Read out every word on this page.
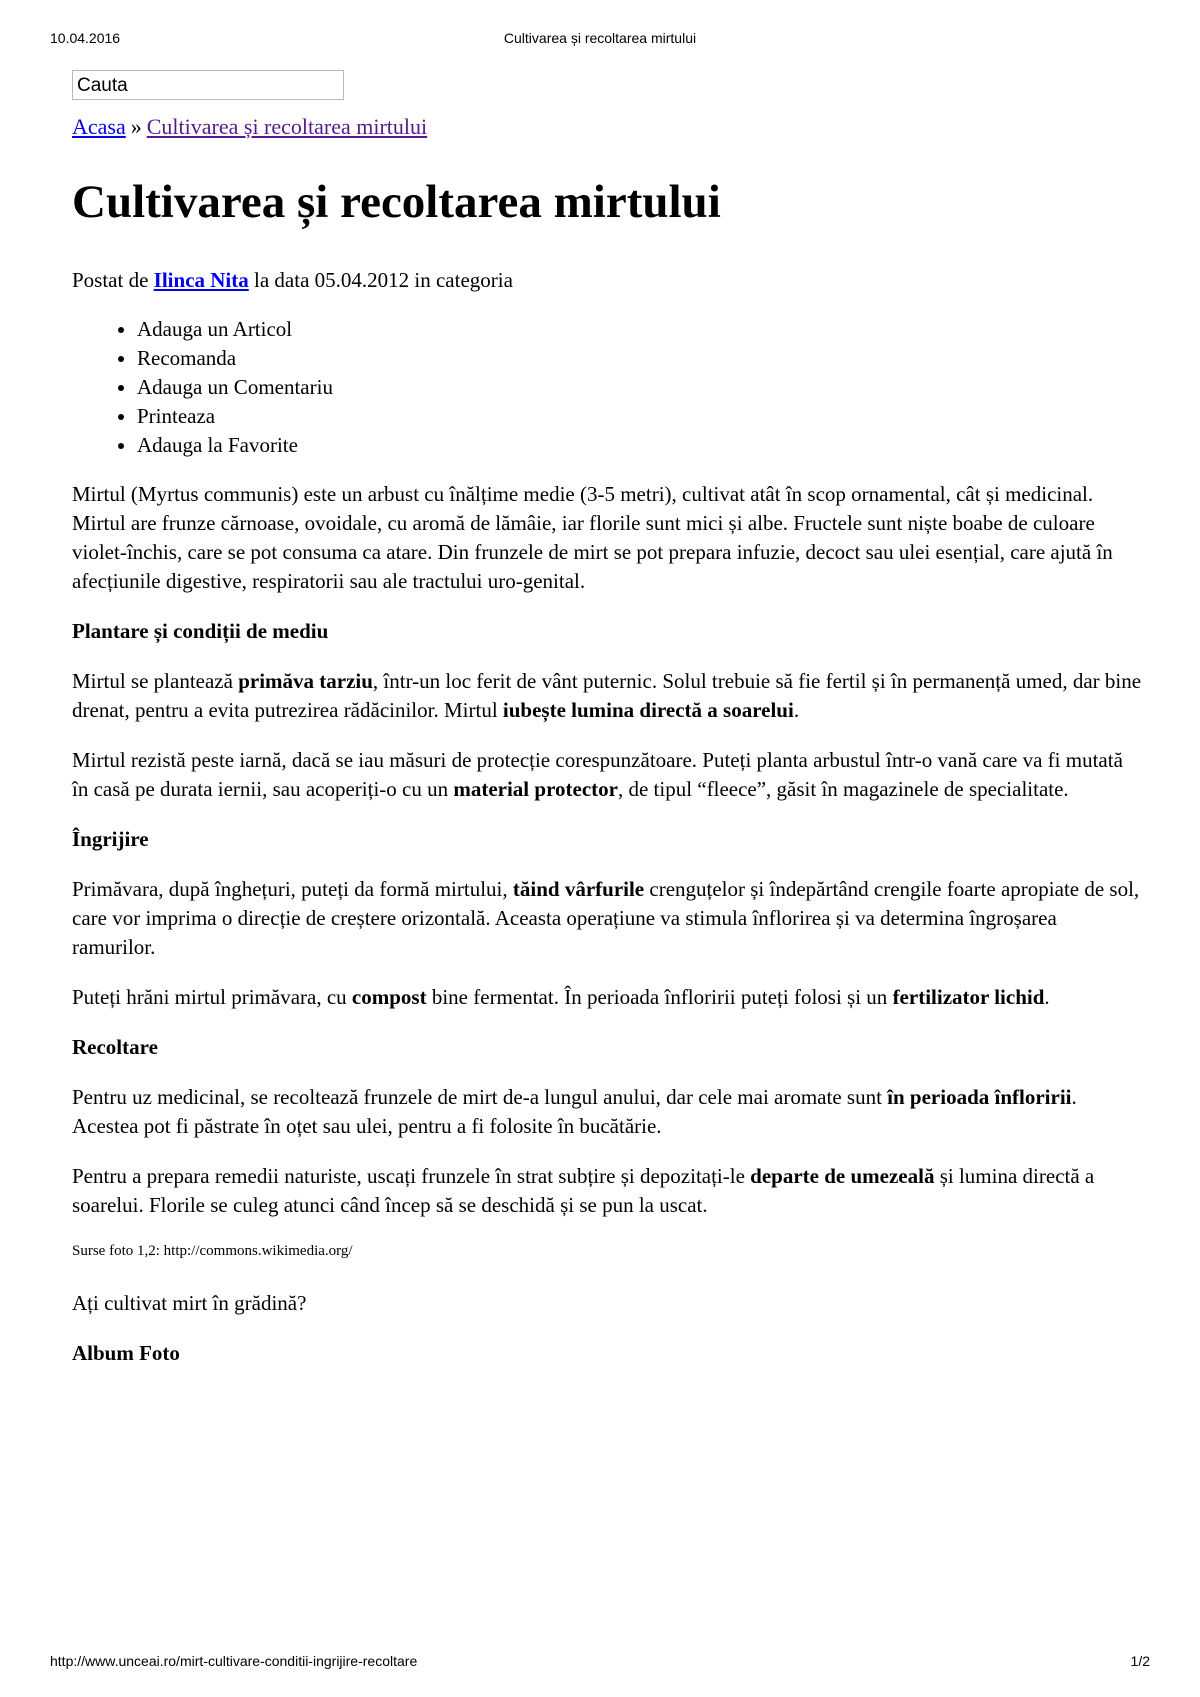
10.04.2016	Cultivarea și recoltarea mirtului
Cauta
Acasa » Cultivarea și recoltarea mirtului
Cultivarea și recoltarea mirtului
Postat de Ilinca Nita la data 05.04.2012 in categoria
• Adauga un Articol
• Recomanda
• Adauga un Comentariu
• Printeaza
• Adauga la Favorite

Mirtul (Myrtus communis) este un arbust cu înălțime medie (3-5 metri), cultivat atât în scop ornamental, cât și medicinal. Mirtul are frunze cărnoase, ovoidale, cu aromă de lămâie, iar florile sunt mici și albe. Fructele sunt niște boabe de culoare violet-închis, care se pot consuma ca atare. Din frunzele de mirt se pot prepara infuzie, decoct sau ulei esențial, care ajută în afecțiunile digestive, respiratorii sau ale tractului uro-genital.

Plantare și condiții de mediu

Mirtul se plantează primăva tarziu, într-un loc ferit de vânt puternic. Solul trebuie să fie fertil și în permanență umed, dar bine drenat, pentru a evita putrezirea rădăcinilor. Mirtul iubește lumina directă a soarelui.

Mirtul rezistă peste iarnă, dacă se iau măsuri de protecție corespunzătoare. Puteți planta arbustul într-o vană care va fi mutată în casă pe durata iernii, sau acoperiți-o cu un material protector, de tipul “fleece”, găsit în magazinele de specialitate.

Îngrijire

Primăvara, după înghețuri, puteți da formă mirtului, tăind vârfurile crenguțelor și îndepărtând crengile foarte apropiate de sol, care vor imprima o direcție de creștere orizontală. Aceasta operațiune va stimula înflorirea și va determina îngroșarea ramurilor.

Puteți hrăni mirtul primăvara, cu compost bine fermentat. În perioada înfloririi puteți folosi și un fertilizator lichid.

Recoltare

Pentru uz medicinal, se recoltează frunzele de mirt de-a lungul anului, dar cele mai aromate sunt în perioada înfloririi. Acestea pot fi păstrate în oțet sau ulei, pentru a fi folosite în bucătărie.

Pentru a prepara remedii naturiste, uscați frunzele în strat subțire și depozitați-le departe de umezeală și lumina directă a soarelui. Florile se culeg atunci când încep să se deschidă și se pun la uscat.

Surse foto 1,2: http://commons.wikimedia.org/

Ați cultivat mirt în grădină?

Album Foto

http://www.unceai.ro/mirt-cultivare-conditii-ingrijire-recoltare	1/2
